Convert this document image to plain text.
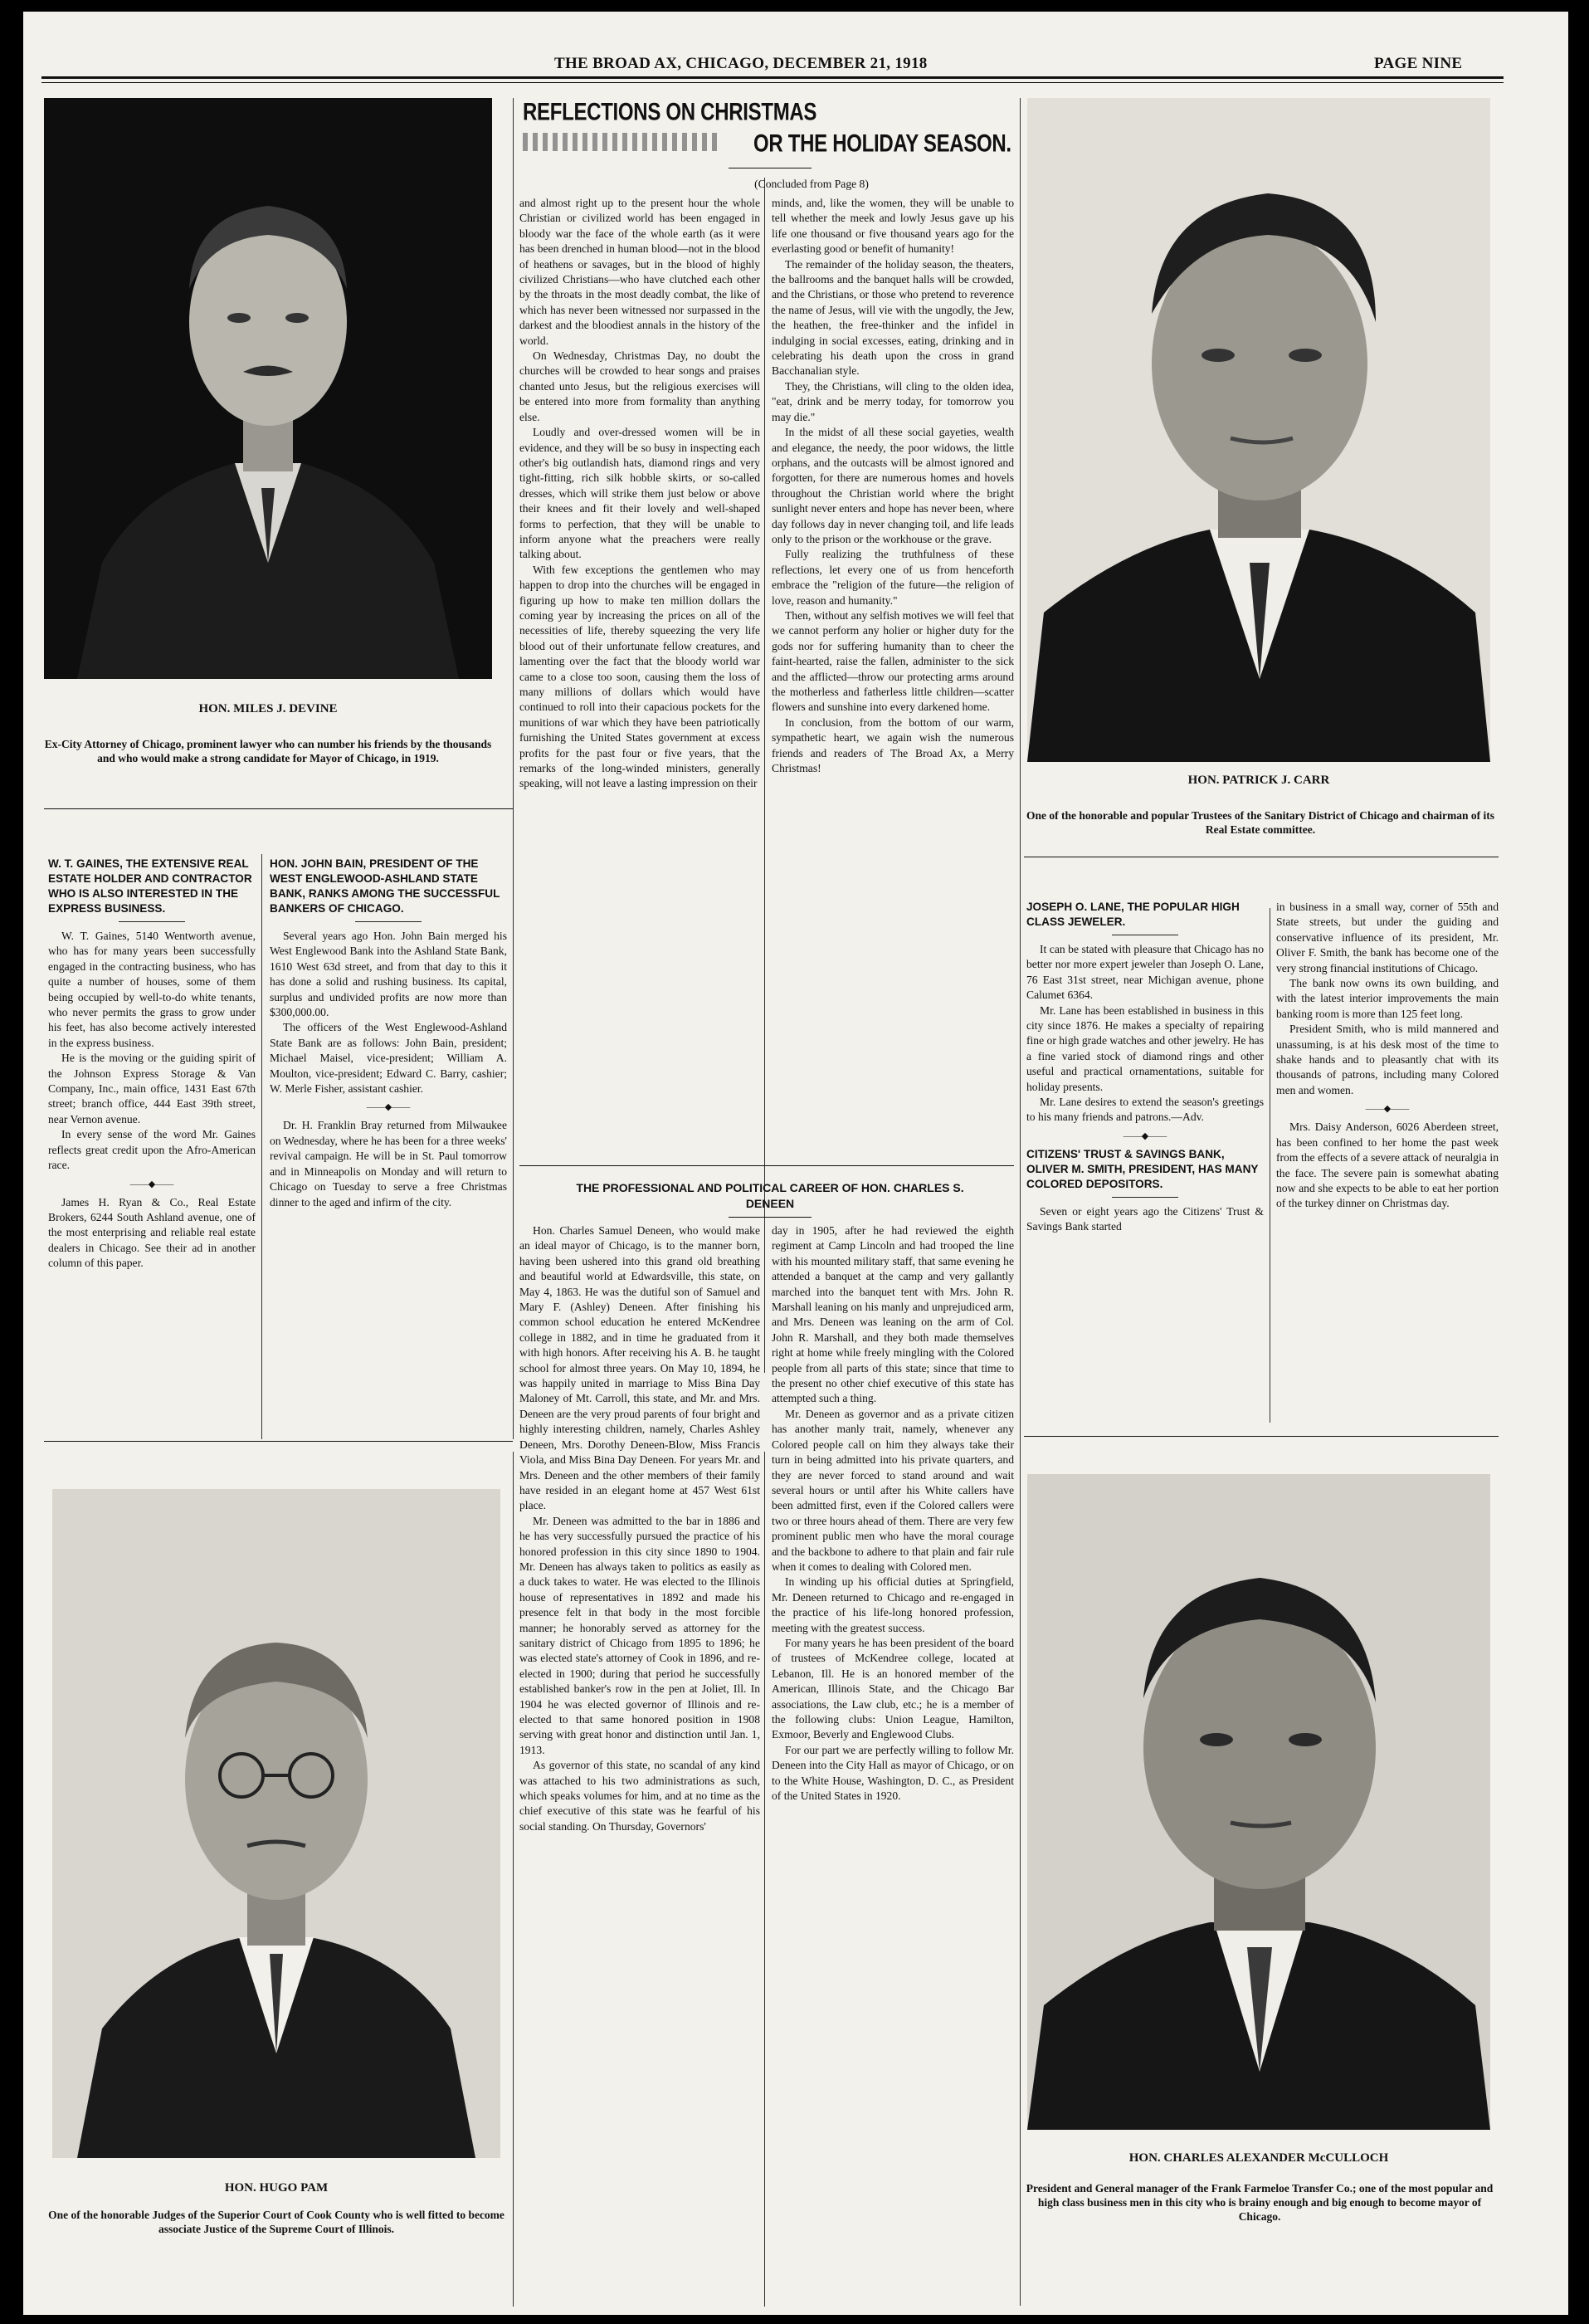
THE BROAD AX, CHICAGO, DECEMBER 21, 1918	PAGE NINE
HON. MILES J. DEVINE
Ex-City Attorney of Chicago, prominent lawyer who can number his friends by the thousands and who would make a strong candidate for Mayor of Chicago, in 1919.
W. T. GAINES, THE EXTENSIVE REAL ESTATE HOLDER AND CONTRACTOR WHO IS ALSO INTERESTED IN THE EXPRESS BUSINESS.

W. T. Gaines, 5140 Wentworth avenue, who has for many years been successfully engaged in the contracting business, who has quite a number of houses, some of them being occupied by well-to-do white tenants, who never permits the grass to grow under his feet, has also become actively interested in the express business.

He is the moving or the guiding spirit of the Johnson Express Storage & Van Company, Inc., main office, 1431 East 67th street; branch office, 444 East 39th street, near Vernon avenue.

In every sense of the word Mr. Gaines reflects great credit upon the Afro-American race.

——◆——

James H. Ryan & Co., Real Estate Brokers, 6244 South Ashland avenue, one of the most enterprising and reliable real estate dealers in Chicago. See their ad in another column of this paper.

HON. JOHN BAIN, PRESIDENT OF THE WEST ENGLEWOOD-ASHLAND STATE BANK, RANKS AMONG THE SUCCESSFUL BANKERS OF CHICAGO.

Several years ago Hon. John Bain merged his West Englewood Bank into the Ashland State Bank, 1610 West 63d street, and from that day to this it has done a solid and rushing business. Its capital, surplus and undivided profits are now more than $300,000.00.

The officers of the West Englewood-Ashland State Bank are as follows: John Bain, president; Michael Maisel, vice-president; William A. Moulton, vice-president; Edward C. Barry, cashier; W. Merle Fisher, assistant cashier.

——◆——

Dr. H. Franklin Bray returned from Milwaukee on Wednesday, where he has been for a three weeks' revival campaign. He will be in St. Paul tomorrow and in Minneapolis on Monday and will return to Chicago on Tuesday to serve a free Christmas dinner to the aged and infirm of the city.

HON. HUGO PAM
One of the honorable Judges of the Superior Court of Cook County who is well fitted to become associate Justice of the Supreme Court of Illinois.
REFLECTIONS ON CHRISTMAS
OR THE HOLIDAY SEASON.
(Concluded from Page 8)

and almost right up to the present hour the whole Christian or civilized world has been engaged in bloody war the face of the whole earth (as it were has been drenched in human blood—not in the blood of heathens or savages, but in the blood of highly civilized Christians—who have clutched each other by the throats in the most deadly combat, the like of which has never been witnessed nor surpassed in the darkest and the bloodiest annals in the history of the world.

On Wednesday, Christmas Day, no doubt the churches will be crowded to hear songs and praises chanted unto Jesus, but the religious exercises will be entered into more from formality than anything else.

Loudly and over-dressed women will be in evidence, and they will be so busy in inspecting each other's big outlandish hats, diamond rings and very tight-fitting, rich silk hobble skirts, or so-called dresses, which will strike them just below or above their knees and fit their lovely and well-shaped forms to perfection, that they will be unable to inform anyone what the preachers were really talking about.

With few exceptions the gentlemen who may happen to drop into the churches will be engaged in figuring up how to make ten million dollars the coming year by increasing the prices on all of the necessities of life, thereby squeezing the very life blood out of their unfortunate fellow creatures, and lamenting over the fact that the bloody world war came to a close too soon, causing them the loss of many millions of dollars which would have continued to roll into their capacious pockets for the munitions of war which they have been patriotically furnishing the United States government at excess profits for the past four or five years, that the remarks of the long-winded ministers, generally speaking, will not leave a lasting impression on their

minds, and, like the women, they will be unable to tell whether the meek and lowly Jesus gave up his life one thousand or five thousand years ago for the everlasting good or benefit of humanity!

The remainder of the holiday season, the theaters, the ballrooms and the banquet halls will be crowded, and the Christians, or those who pretend to reverence the name of Jesus, will vie with the ungodly, the Jew, the heathen, the free-thinker and the infidel in indulging in social excesses, eating, drinking and in celebrating his death upon the cross in grand Bacchanalian style.

They, the Christians, will cling to the olden idea, "eat, drink and be merry today, for tomorrow you may die."

In the midst of all these social gayeties, wealth and elegance, the needy, the poor widows, the little orphans, and the outcasts will be almost ignored and forgotten, for there are numerous homes and hovels throughout the Christian world where the bright sunlight never enters and hope has never been, where day follows day in never changing toil, and life leads only to the prison or the workhouse or the grave.

Fully realizing the truthfulness of these reflections, let every one of us from henceforth embrace the "religion of the future—the religion of love, reason and humanity."

Then, without any selfish motives we will feel that we cannot perform any holier or higher duty for the gods nor for suffering humanity than to cheer the faint-hearted, raise the fallen, administer to the sick and the afflicted—throw our protecting arms around the motherless and fatherless little children—scatter flowers and sunshine into every darkened home.

In conclusion, from the bottom of our warm, sympathetic heart, we again wish the numerous friends and readers of The Broad Ax, a Merry Christmas!

THE PROFESSIONAL AND POLITICAL CAREER OF HON. CHARLES S. DENEEN

Hon. Charles Samuel Deneen, who would make an ideal mayor of Chicago, is to the manner born, having been ushered into this grand old breathing and beautiful world at Edwardsville, this state, on May 4, 1863. He was the dutiful son of Samuel and Mary F. (Ashley) Deneen. After finishing his common school education he entered McKendree college in 1882, and in time he graduated from it with high honors. After receiving his A. B. he taught school for almost three years. On May 10, 1894, he was happily united in marriage to Miss Bina Day Maloney of Mt. Carroll, this state, and Mr. and Mrs. Deneen are the very proud parents of four bright and highly interesting children, namely, Charles Ashley Deneen, Mrs. Dorothy Deneen-Blow, Miss Francis Viola, and Miss Bina Day Deneen. For years Mr. and Mrs. Deneen and the other members of their family have resided in an elegant home at 457 West 61st place.

Mr. Deneen was admitted to the bar in 1886 and he has very successfully pursued the practice of his honored profession in this city since 1890 to 1904. Mr. Deneen has always taken to politics as easily as a duck takes to water. He was elected to the Illinois house of representatives in 1892 and made his presence felt in that body in the most forcible manner; he honorably served as attorney for the sanitary district of Chicago from 1895 to 1896; he was elected state's attorney of Cook in 1896, and re-elected in 1900; during that period he successfully established banker's row in the pen at Joliet, Ill. In 1904 he was elected governor of Illinois and re-elected to that same honored position in 1908 serving with great honor and distinction until Jan. 1, 1913.

As governor of this state, no scandal of any kind was attached to his two administrations as such, which speaks volumes for him, and at no time as the chief executive of this state was he fearful of his social standing. On Thursday, Governors'

day in 1905, after he had reviewed the eighth regiment at Camp Lincoln and had trooped the line with his mounted military staff, that same evening he attended a banquet at the camp and very gallantly marched into the banquet tent with Mrs. John R. Marshall leaning on his manly and unprejudiced arm, and Mrs. Deneen was leaning on the arm of Col. John R. Marshall, and they both made themselves right at home while freely mingling with the Colored people from all parts of this state; since that time to the present no other chief executive of this state has attempted such a thing.

Mr. Deneen as governor and as a private citizen has another manly trait, namely, whenever any Colored people call on him they always take their turn in being admitted into his private quarters, and they are never forced to stand around and wait several hours or until after his White callers have been admitted first, even if the Colored callers were two or three hours ahead of them. There are very few prominent public men who have the moral courage and the backbone to adhere to that plain and fair rule when it comes to dealing with Colored men.

In winding up his official duties at Springfield, Mr. Deneen returned to Chicago and re-engaged in the practice of his life-long honored profession, meeting with the greatest success.

For many years he has been president of the board of trustees of McKendree college, located at Lebanon, Ill. He is an honored member of the American, Illinois State, and the Chicago Bar associations, the Law club, etc.; he is a member of the following clubs: Union League, Hamilton, Exmoor, Beverly and Englewood Clubs.

For our part we are perfectly willing to follow Mr. Deneen into the City Hall as mayor of Chicago, or on to the White House, Washington, D. C., as President of the United States in 1920.

HON. PATRICK J. CARR
One of the honorable and popular Trustees of the Sanitary District of Chicago and chairman of its Real Estate committee.
JOSEPH O. LANE, THE POPULAR HIGH CLASS JEWELER.

It can be stated with pleasure that Chicago has no better nor more expert jeweler than Joseph O. Lane, 76 East 31st street, near Michigan avenue, phone Calumet 6364.

Mr. Lane has been established in business in this city since 1876. He makes a specialty of repairing fine or high grade watches and other jewelry. He has a fine varied stock of diamond rings and other useful and practical ornamentations, suitable for holiday presents.

Mr. Lane desires to extend the season's greetings to his many friends and patrons.—Adv.

——◆——
CITIZENS' TRUST & SAVINGS BANK, OLIVER M. SMITH, PRESIDENT, HAS MANY COLORED DEPOSITORS.

Seven or eight years ago the Citizens' Trust & Savings Bank started

in business in a small way, corner of 55th and State streets, but under the guiding and conservative influence of its president, Mr. Oliver F. Smith, the bank has become one of the very strong financial institutions of Chicago.

The bank now owns its own building, and with the latest interior improvements the main banking room is more than 125 feet long.

President Smith, who is mild mannered and unassuming, is at his desk most of the time to shake hands and to pleasantly chat with its thousands of patrons, including many Colored men and women.

——◆——

Mrs. Daisy Anderson, 6026 Aberdeen street, has been confined to her home the past week from the effects of a severe attack of neuralgia in the face. The severe pain is somewhat abating now and she expects to be able to eat her portion of the turkey dinner on Christmas day.

HON. CHARLES ALEXANDER McCULLOCH
President and General manager of the Frank Farmeloe Transfer Co.; one of the most popular and high class business men in this city who is brainy enough and big enough to become mayor of Chicago.
